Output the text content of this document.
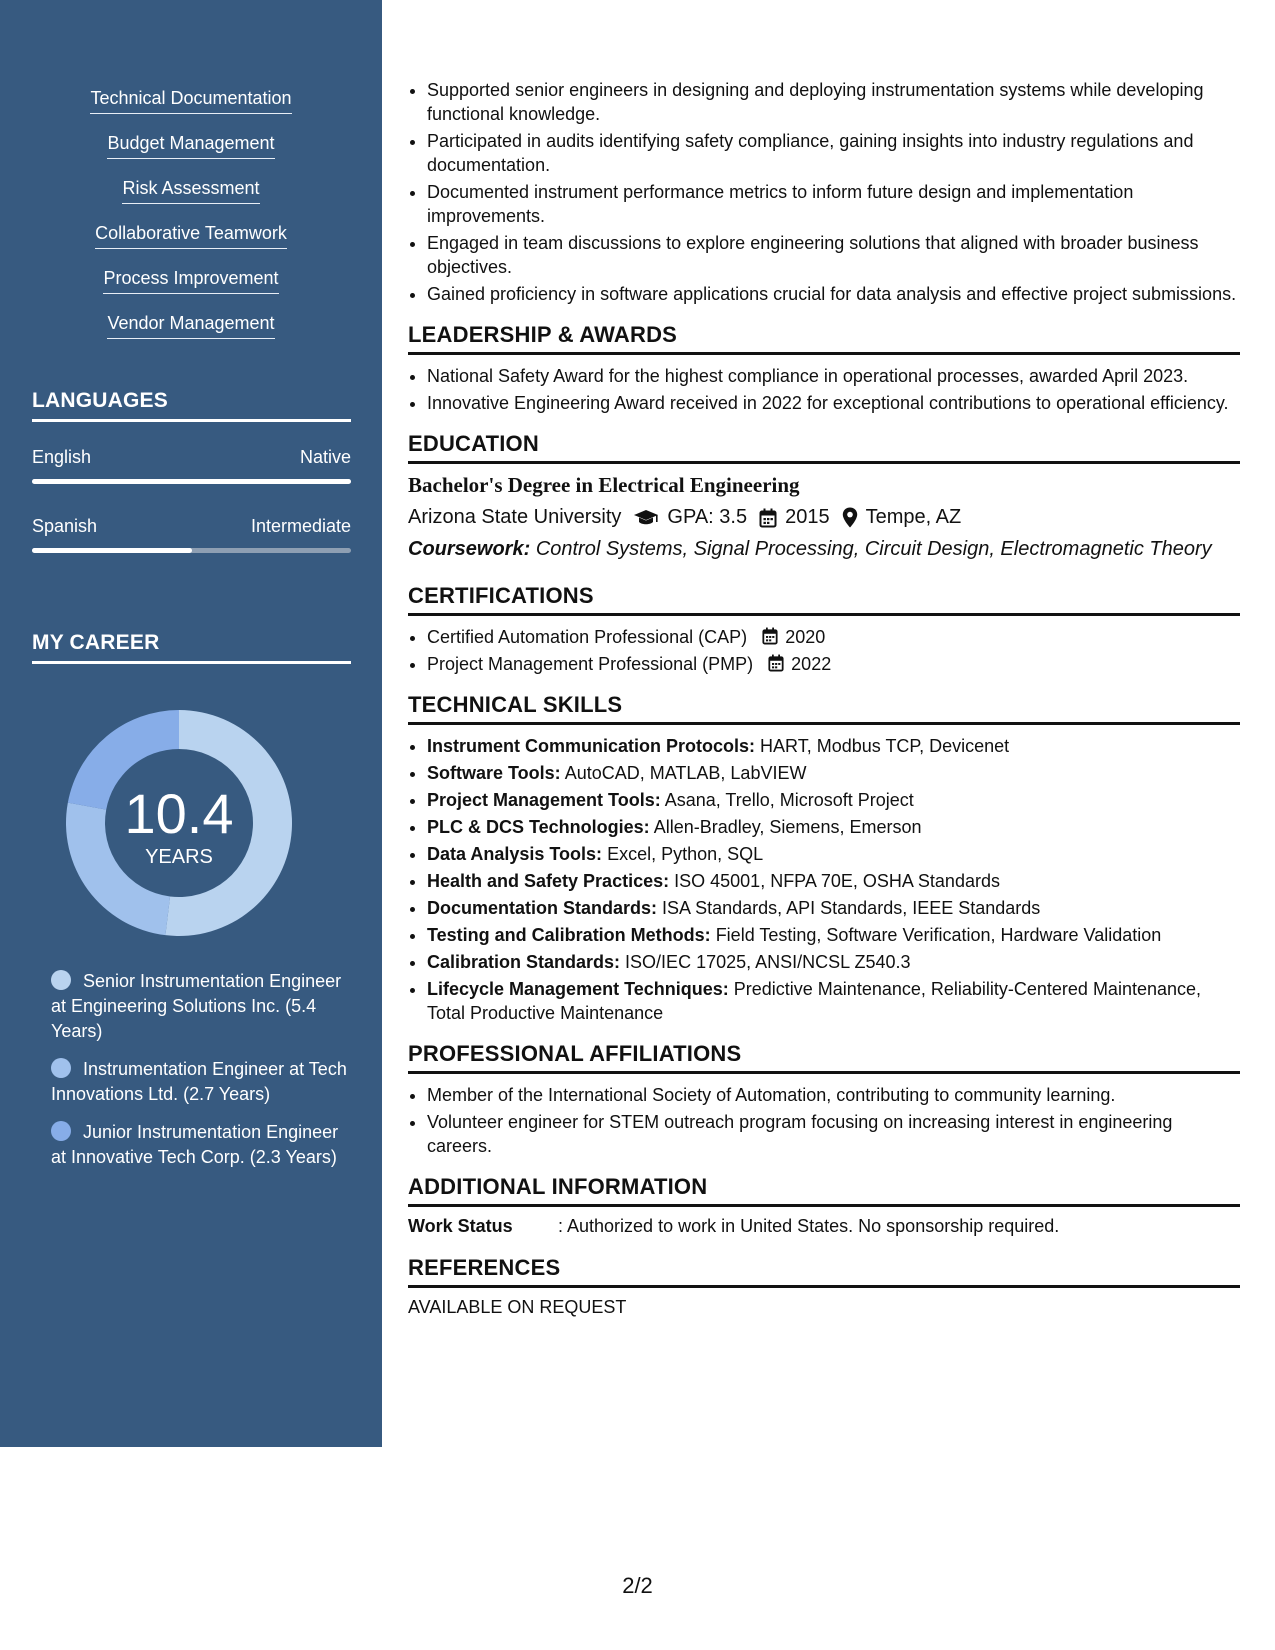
Technical Documentation
Budget Management
Risk Assessment
Collaborative Teamwork
Process Improvement
Vendor Management
LANGUAGES
English	Native
Spanish	Intermediate
MY CAREER
10.4
YEARS
Senior Instrumentation Engineer at Engineering Solutions Inc. (5.4 Years)
Instrumentation Engineer at Tech Innovations Ltd. (2.7 Years)
Junior Instrumentation Engineer at Innovative Tech Corp. (2.3 Years)
• Supported senior engineers in designing and deploying instrumentation systems while developing functional knowledge.
• Participated in audits identifying safety compliance, gaining insights into industry regulations and documentation.
• Documented instrument performance metrics to inform future design and implementation improvements.
• Engaged in team discussions to explore engineering solutions that aligned with broader business objectives.
• Gained proficiency in software applications crucial for data analysis and effective project submissions.
LEADERSHIP & AWARDS
• National Safety Award for the highest compliance in operational processes, awarded April 2023.
• Innovative Engineering Award received in 2022 for exceptional contributions to operational efficiency.
EDUCATION
Bachelor's Degree in Electrical Engineering
Arizona State University GPA: 3.5 2015 Tempe, AZ
Coursework: Control Systems, Signal Processing, Circuit Design, Electromagnetic Theory
CERTIFICATIONS
• Certified Automation Professional (CAP) 2020
• Project Management Professional (PMP) 2022
TECHNICAL SKILLS
• Instrument Communication Protocols: HART, Modbus TCP, Devicenet
• Software Tools: AutoCAD, MATLAB, LabVIEW
• Project Management Tools: Asana, Trello, Microsoft Project
• PLC & DCS Technologies: Allen-Bradley, Siemens, Emerson
• Data Analysis Tools: Excel, Python, SQL
• Health and Safety Practices: ISO 45001, NFPA 70E, OSHA Standards
• Documentation Standards: ISA Standards, API Standards, IEEE Standards
• Testing and Calibration Methods: Field Testing, Software Verification, Hardware Validation
• Calibration Standards: ISO/IEC 17025, ANSI/NCSL Z540.3
• Lifecycle Management Techniques: Predictive Maintenance, Reliability-Centered Maintenance, Total Productive Maintenance
PROFESSIONAL AFFILIATIONS
• Member of the International Society of Automation, contributing to community learning.
• Volunteer engineer for STEM outreach program focusing on increasing interest in engineering careers.
ADDITIONAL INFORMATION
Work Status	: Authorized to work in United States. No sponsorship required.
REFERENCES
AVAILABLE ON REQUEST
2/2
